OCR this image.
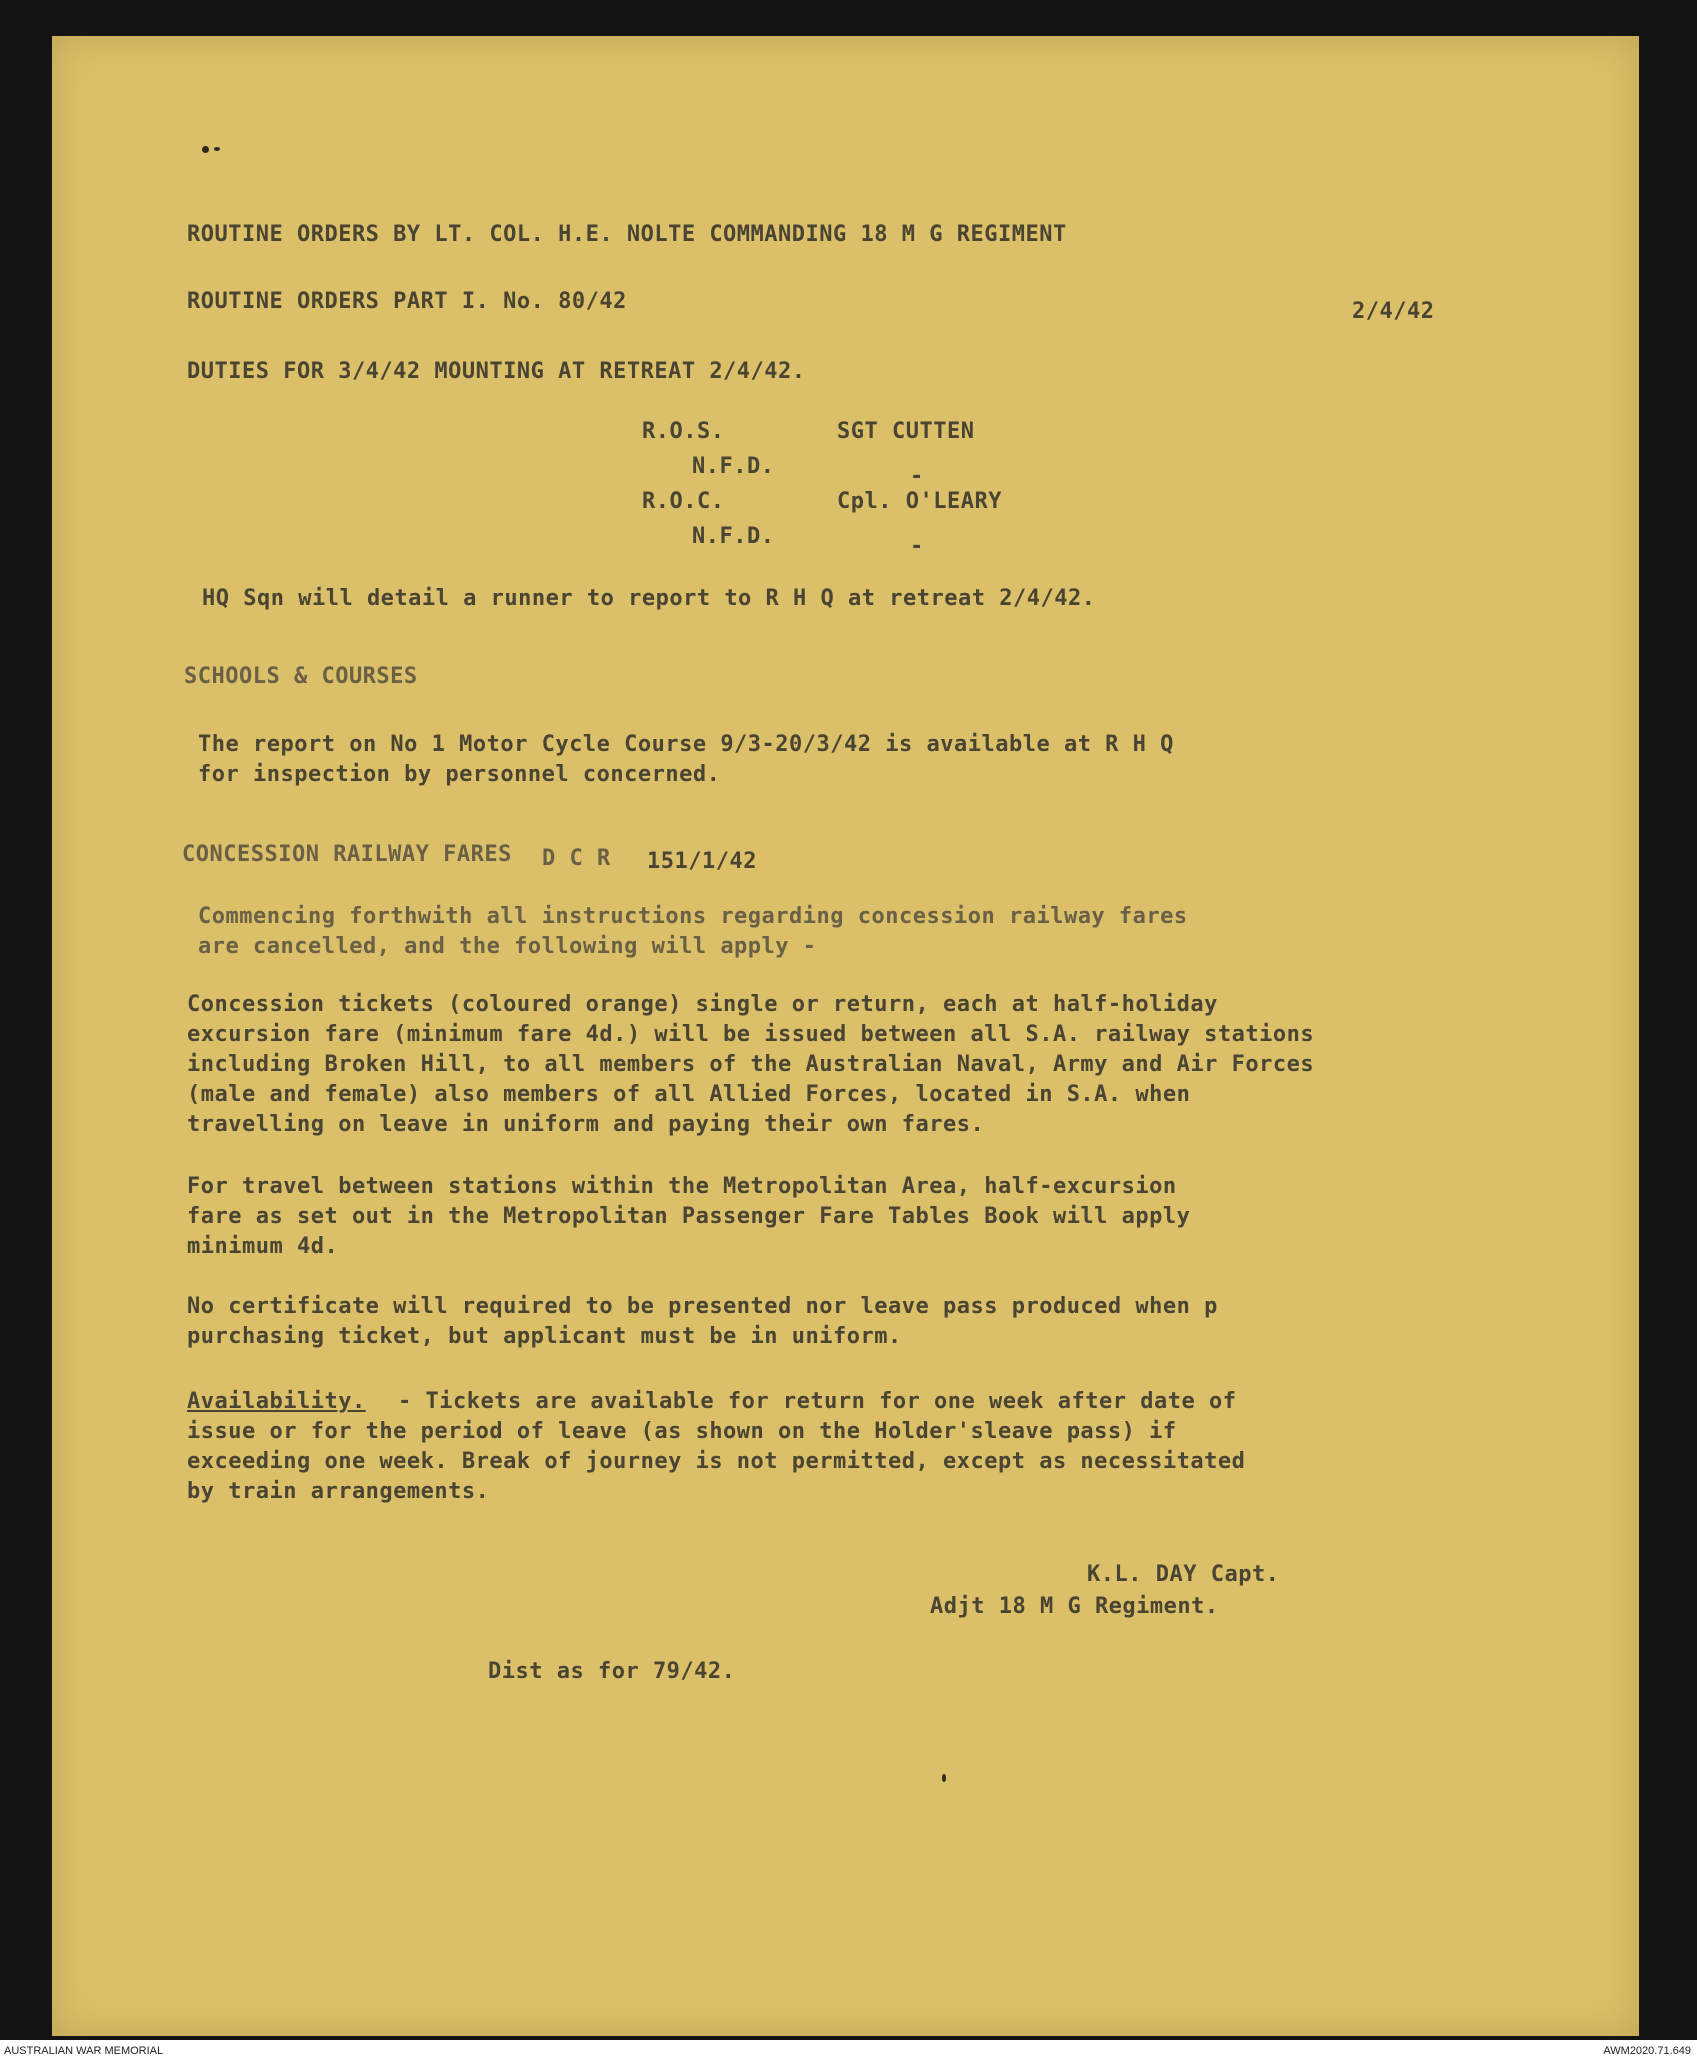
ROUTINE ORDERS BY LT. COL. H.E. NOLTE COMMANDING 18 M G REGIMENT
ROUTINE ORDERS PART I. No. 80/42	2/4/42
DUTIES FOR 3/4/42 MOUNTING AT RETREAT 2/4/42.
R.O.S.	SGT CUTTEN
N.F.D.	-
R.O.C.	Cpl. O'LEARY
N.F.D.	-
HQ Sqn will detail a runner to report to R H Q at retreat 2/4/42.
SCHOOLS & COURSES
The report on No 1 Motor Cycle Course 9/3-20/3/42 is available at R H Q
for inspection by personnel concerned.
CONCESSION RAILWAY FARES D C R 151/1/42
Commencing forthwith all instructions regarding concession railway fares
are cancelled, and the following will apply -
Concession tickets (coloured orange) single or return, each at half-holiday
excursion fare (minimum fare 4d.) will be issued between all S.A. railway stations
including Broken Hill, to all members of the Australian Naval, Army and Air Forces
(male and female) also members of all Allied Forces, located in S.A. when
travelling on leave in uniform and paying their own fares.
For travel between stations within the Metropolitan Area, half-excursion
fare as set out in the Metropolitan Passenger Fare Tables Book will apply
minimum 4d.
No certificate will required to be presented nor leave pass produced when p
purchasing ticket, but applicant must be in uniform.
Availability. - Tickets are available for return for one week after date of
issue or for the period of leave (as shown on the Holder'sleave pass) if
exceeding one week. Break of journey is not permitted, except as necessitated
by train arrangements.
K.L. DAY Capt.
Adjt 18 M G Regiment.
Dist as for 79/42.
AUSTRALIAN WAR MEMORIAL	AWM2020.71.649
